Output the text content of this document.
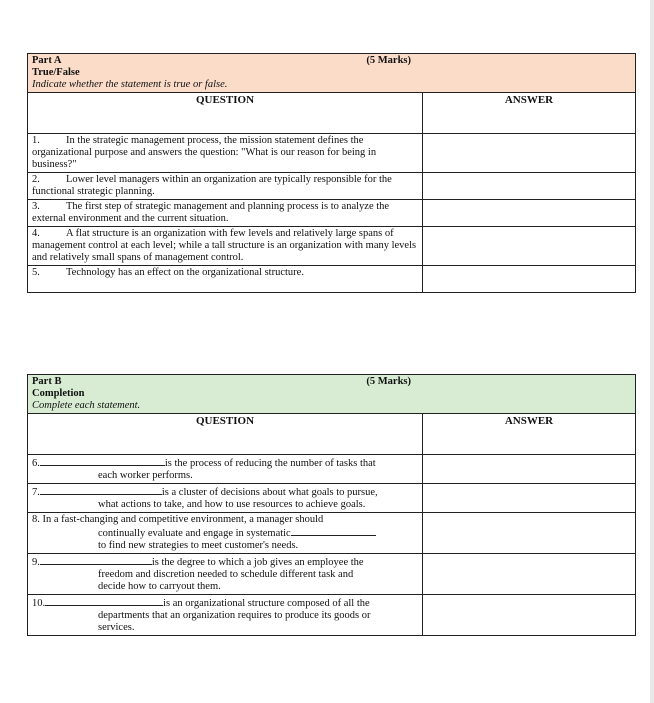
Part A (5 Marks)
True/False
Indicate whether the statement is true or false.	

QUESTION	ANSWER
1. In the strategic management process, the mission statement defines the organizational purpose and answers the question: "What is our reason for being in business?"	
2. Lower level managers within an organization are typically responsible for the functional strategic planning.	
3. The first step of strategic management and planning process is to analyze the external environment and the current situation.	
4. A flat structure is an organization with few levels and relatively large spans of management control at each level; while a tall structure is an organization with many levels and relatively small spans of management control.	
5. Technology has an effect on the organizational structure.	
Part B (5 Marks)
Completion
Complete each statement.	

QUESTION	ANSWER

6. is the process of reducing the number of tasks that
each worker performs.	

7. is a cluster of decisions about what goals to pursue,
what actions to take, and how to use resources to achieve goals.	

8. In a fast-changing and competitive environment, a manager should
continually evaluate and engage in systematic
to find new strategies to meet customer's needs.	

9. is the degree to which a job gives an employee the
freedom and discretion needed to schedule different task and
decide how to carryout them.	

10. is an organizational structure composed of all the
departments that an organization requires to produce its goods or
services.	
